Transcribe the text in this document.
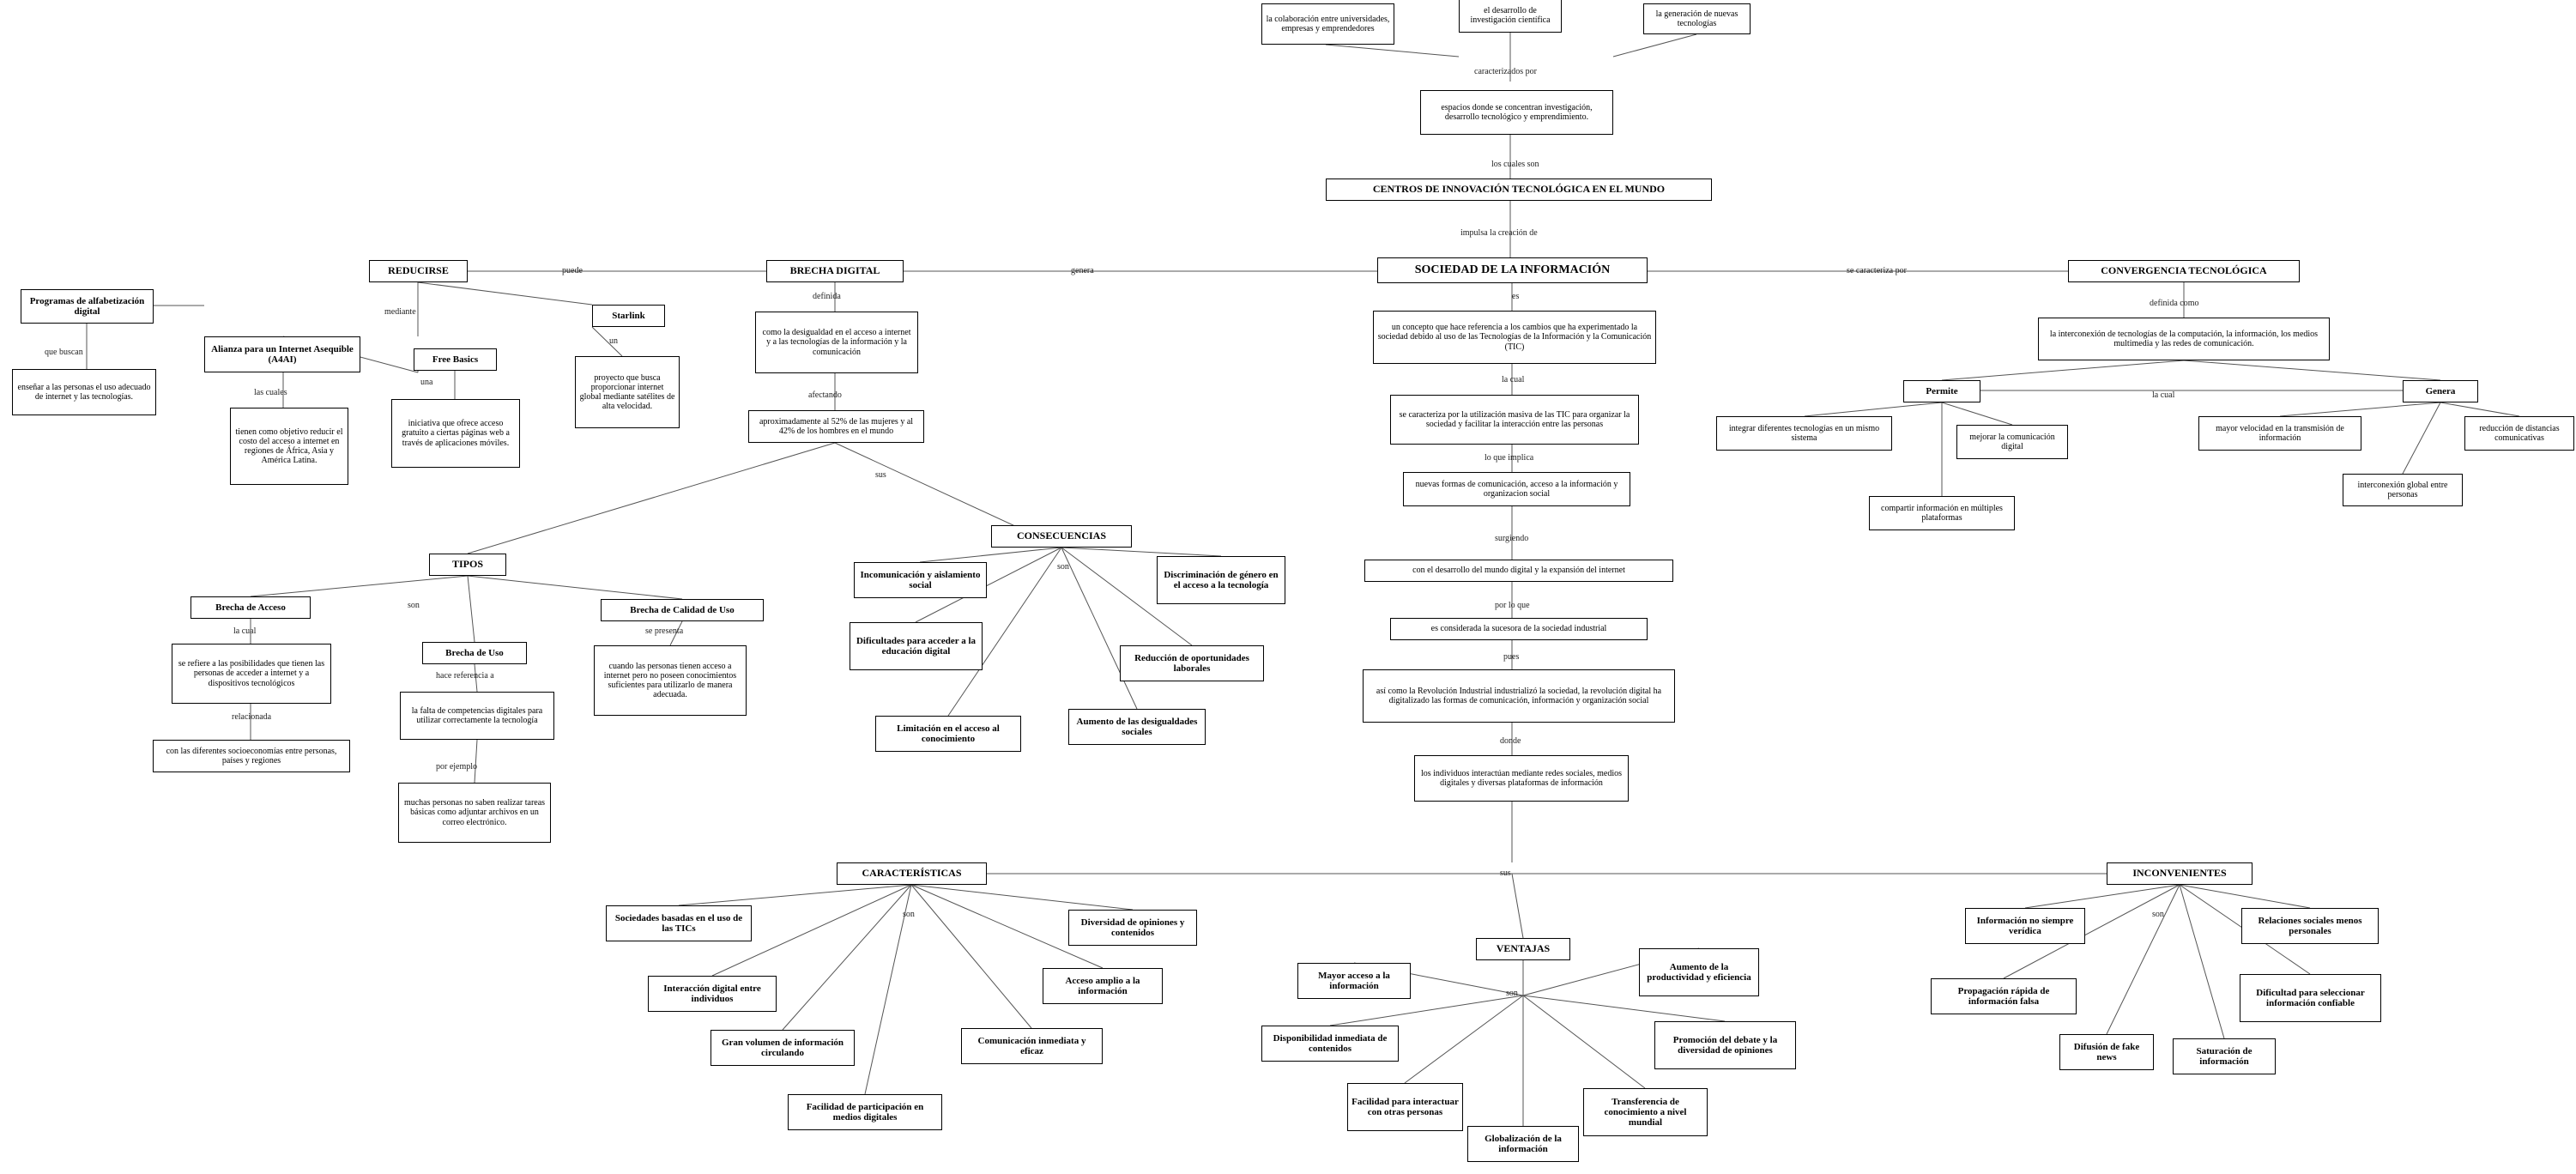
la colaboración entre universidades, empresas y emprendedores
el desarrollo de investigación científica
la generación de nuevas tecnologías
espacios donde se concentran investigación, desarrollo tecnológico y emprendimiento.
CENTROS DE INNOVACIÓN TECNOLÓGICA EN EL MUNDO
Programas de alfabetización digital
enseñar a las personas el uso adecuado de internet y las tecnologías.
REDUCIRSE
Alianza para un Internet Asequible (A4AI)
tienen como objetivo reducir el costo del acceso a internet en regiones de África, Asia y América Latina.
Free Basics
iniciativa que ofrece acceso gratuito a ciertas páginas web a través de aplicaciones móviles.
Starlink
proyecto que busca proporcionar internet global mediante satélites de alta velocidad.
BRECHA DIGITAL
como la desigualdad en el acceso a internet y a las tecnologías de la información y la comunicación
aproximadamente al 52% de las mujeres y al 42% de los hombres en el mundo
SOCIEDAD DE LA INFORMACIÓN
un concepto que hace referencia a los cambios que ha experimentado la sociedad debido al uso de las Tecnologías de la Información y la Comunicación (TIC)
se caracteriza por la utilización masiva de las TIC para organizar la sociedad y facilitar la interacción entre las personas
nuevas formas de comunicación, acceso a la información y organizacion social
con el desarrollo del mundo digital y la expansión del internet
es considerada la sucesora de la sociedad industrial
así como la Revolución Industrial industrializó la sociedad, la revolución digital ha digitalizado las formas de comunicación, información y organización social
los individuos interactúan mediante redes sociales, medios digitales y diversas plataformas de información
CONVERGENCIA TECNOLÓGICA
la interconexión de tecnologías de la computación, la información, los medios multimedia y las redes de comunicación.
Permite
integrar diferentes tecnologías en un mismo sistema	mejorar la comunicación digital
compartir información en múltiples plataformas
Genera
mayor velocidad en la transmisión de información
reducción de distancias comunicativas
interconexión global entre personas
TIPOS
Brecha de Acceso
se refiere a las posibilidades que tienen las personas de acceder a internet y a dispositivos tecnológicos
con las diferentes socioeconomías entre personas, países y regiones
Brecha de Uso
la falta de competencias digitales para utilizar correctamente la tecnología
muchas personas no saben realizar tareas básicas como adjuntar archivos en un correo electrónico.
Brecha de Calidad de Uso
cuando las personas tienen acceso a internet pero no poseen conocimientos suficientes para utilizarlo de manera adecuada.
CONSECUENCIAS
Incomunicación y aislamiento social
Dificultades para acceder a la educación digital
Limitación en el acceso al conocimiento
Aumento de las desigualdades sociales
Reducción de oportunidades laborales
Discriminación de género en el acceso a la tecnología
CARACTERÍSTICAS
Sociedades basadas en el uso de las TICs
Interacción digital entre individuos
Gran volumen de información circulando
Facilidad de participación en medios digitales
Comunicación inmediata y eficaz
Acceso amplio a la información
Diversidad de opiniones y contenidos
VENTAJAS
Mayor acceso a la información
Disponibilidad inmediata de contenidos
Facilidad para interactuar con otras personas
Globalización de la información
Transferencia de conocimiento a nivel mundial
Promoción del debate y la diversidad de opiniones
Aumento de la productividad y eficiencia
INCONVENIENTES
Información no siempre verídica
Propagación rápida de información falsa
Difusión de fake news
Saturación de información
Dificultad para seleccionar información confiable
Relaciones sociales menos personales
caracterizados por
los cuales son
impulsa la creación de
puede
mediante
un
una
las cuales
que buscan
definida
afectando
genera
es
la cual
lo que implica
surgiendo
por lo que
pues
donde
sus
se caracteriza por
definida como
la cual
sus
la cual
relacionada
son
hace referencia a
por ejemplo
se presenta
son
son
son
son
